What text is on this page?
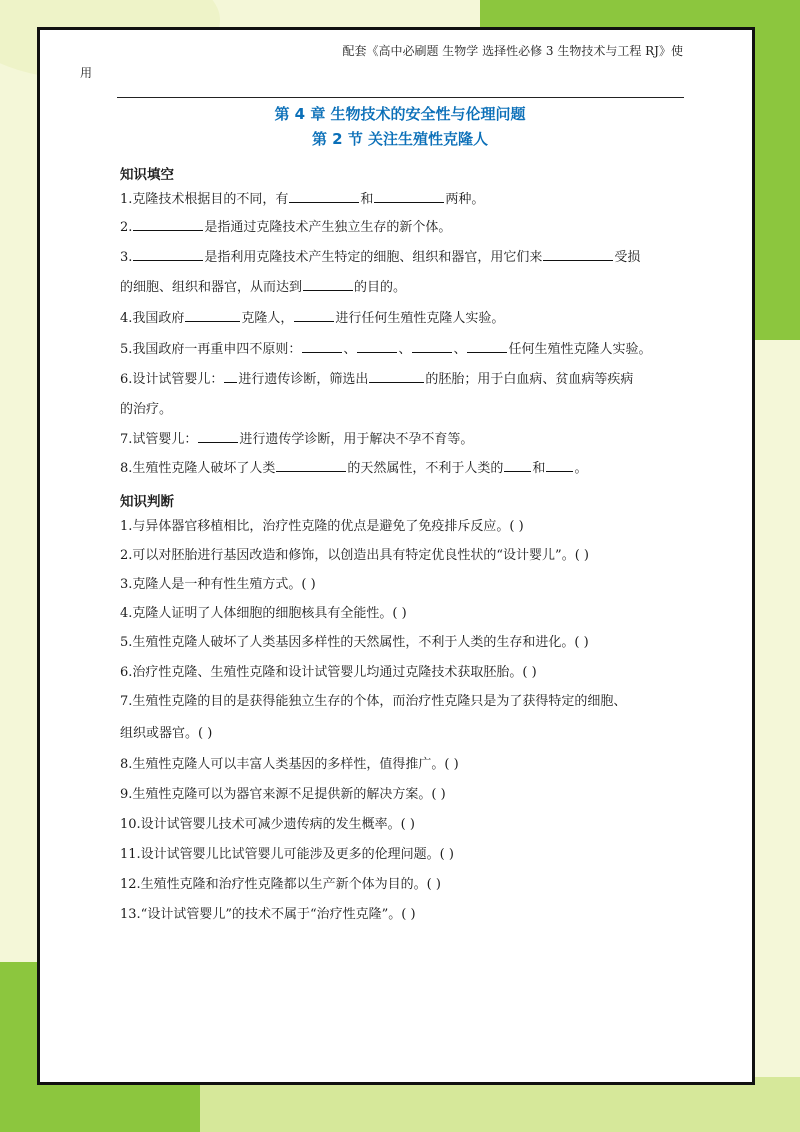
配套《高中必刷题 生物学 选择性必修 3 生物技术与工程 RJ》使
用
第 4 章 生物技术的安全性与伦理问题
第 2 节 关注生殖性克隆人
知识填空
1.克隆技术根据目的不同，有	和	两种。
2.	是指通过克隆技术产生独立生存的新个体。
3.	是指利用克隆技术产生特定的细胞、组织和器官，用它们来	受损
的细胞、组织和器官，从而达到	的目的。
4.我国政府	克隆人，	进行任何生殖性克隆人实验。
5.我国政府一再重申四不原则：	、	、	、	任何生殖性克隆人实验。
6.设计试管婴儿： 进行遗传诊断，筛选出	的胚胎；用于白血病、贫血病等疾病
的治疗。
7.试管婴儿：	进行遗传学诊断，用于解决不孕不育等。
8.生殖性克隆人破坏了人类	的天然属性，不利于人类的 和 。
知识判断
1.与异体器官移植相比，治疗性克隆的优点是避免了免疫排斥反应。( )
2.可以对胚胎进行基因改造和修饰，以创造出具有特定优良性状的“设计婴儿”。( )
3.克隆人是一种有性生殖方式。( )
4.克隆人证明了人体细胞的细胞核具有全能性。( )
5.生殖性克隆人破坏了人类基因多样性的天然属性，不利于人类的生存和进化。( )
6.治疗性克隆、生殖性克隆和设计试管婴儿均通过克隆技术获取胚胎。( )
7.生殖性克隆的目的是获得能独立生存的个体，而治疗性克隆只是为了获得特定的细胞、
组织或器官。( )
8.生殖性克隆人可以丰富人类基因的多样性，值得推广。( )
9.生殖性克隆可以为器官来源不足提供新的解决方案。( )
10.设计试管婴儿技术可减少遗传病的发生概率。( )
11.设计试管婴儿比试管婴儿可能涉及更多的伦理问题。( )
12.生殖性克隆和治疗性克隆都以生产新个体为目的。( )
13.“设计试管婴儿”的技术不属于“治疗性克隆”。( )
